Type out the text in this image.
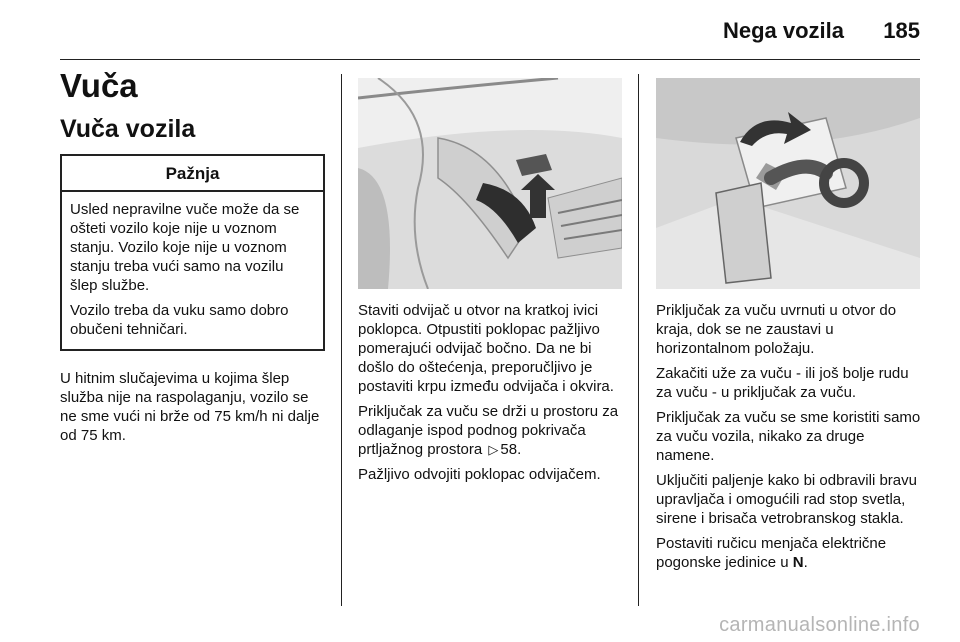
Nega vozila 185
Vuča
Vuča vozila
Pažnja

Usled nepravilne vuče može da se ošteti vozilo koje nije u voznom stanju. Vozilo koje nije u voznom stanju treba vući samo na vozilu šlep službe.

Vozilo treba da vuku samo dobro obučeni tehničari.

U hitnim slučajevima u kojima šlep služba nije na raspolaganju, vozilo se ne sme vući ni brže od 75 km/h ni dalje od 75 km.

Staviti odvijač u otvor na kratkoj ivici poklopca. Otpustiti poklopac pažljivo pomerajući odvijač bočno. Da ne bi došlo do oštećenja, preporučljivo je postaviti krpu između odvijača i okvira.

Priključak za vuču se drži u prostoru za odlaganje ispod podnog pokrivača prtljažnog prostora ▷ 58.

Pažljivo odvojiti poklopac odvijačem.

Priključak za vuču uvrnuti u otvor do kraja, dok se ne zaustavi u horizontalnom položaju.

Zakačiti uže za vuču - ili još bolje rudu za vuču - u priključak za vuču.

Priključak za vuču se sme koristiti samo za vuču vozila, nikako za druge namene.

Uključiti paljenje kako bi odbravili bravu upravljača i omogućili rad stop svetla, sirene i brisača vetrobranskog stakla.

Postaviti ručicu menjača električne pogonske jedinice u N.

carmanualsonline.info
